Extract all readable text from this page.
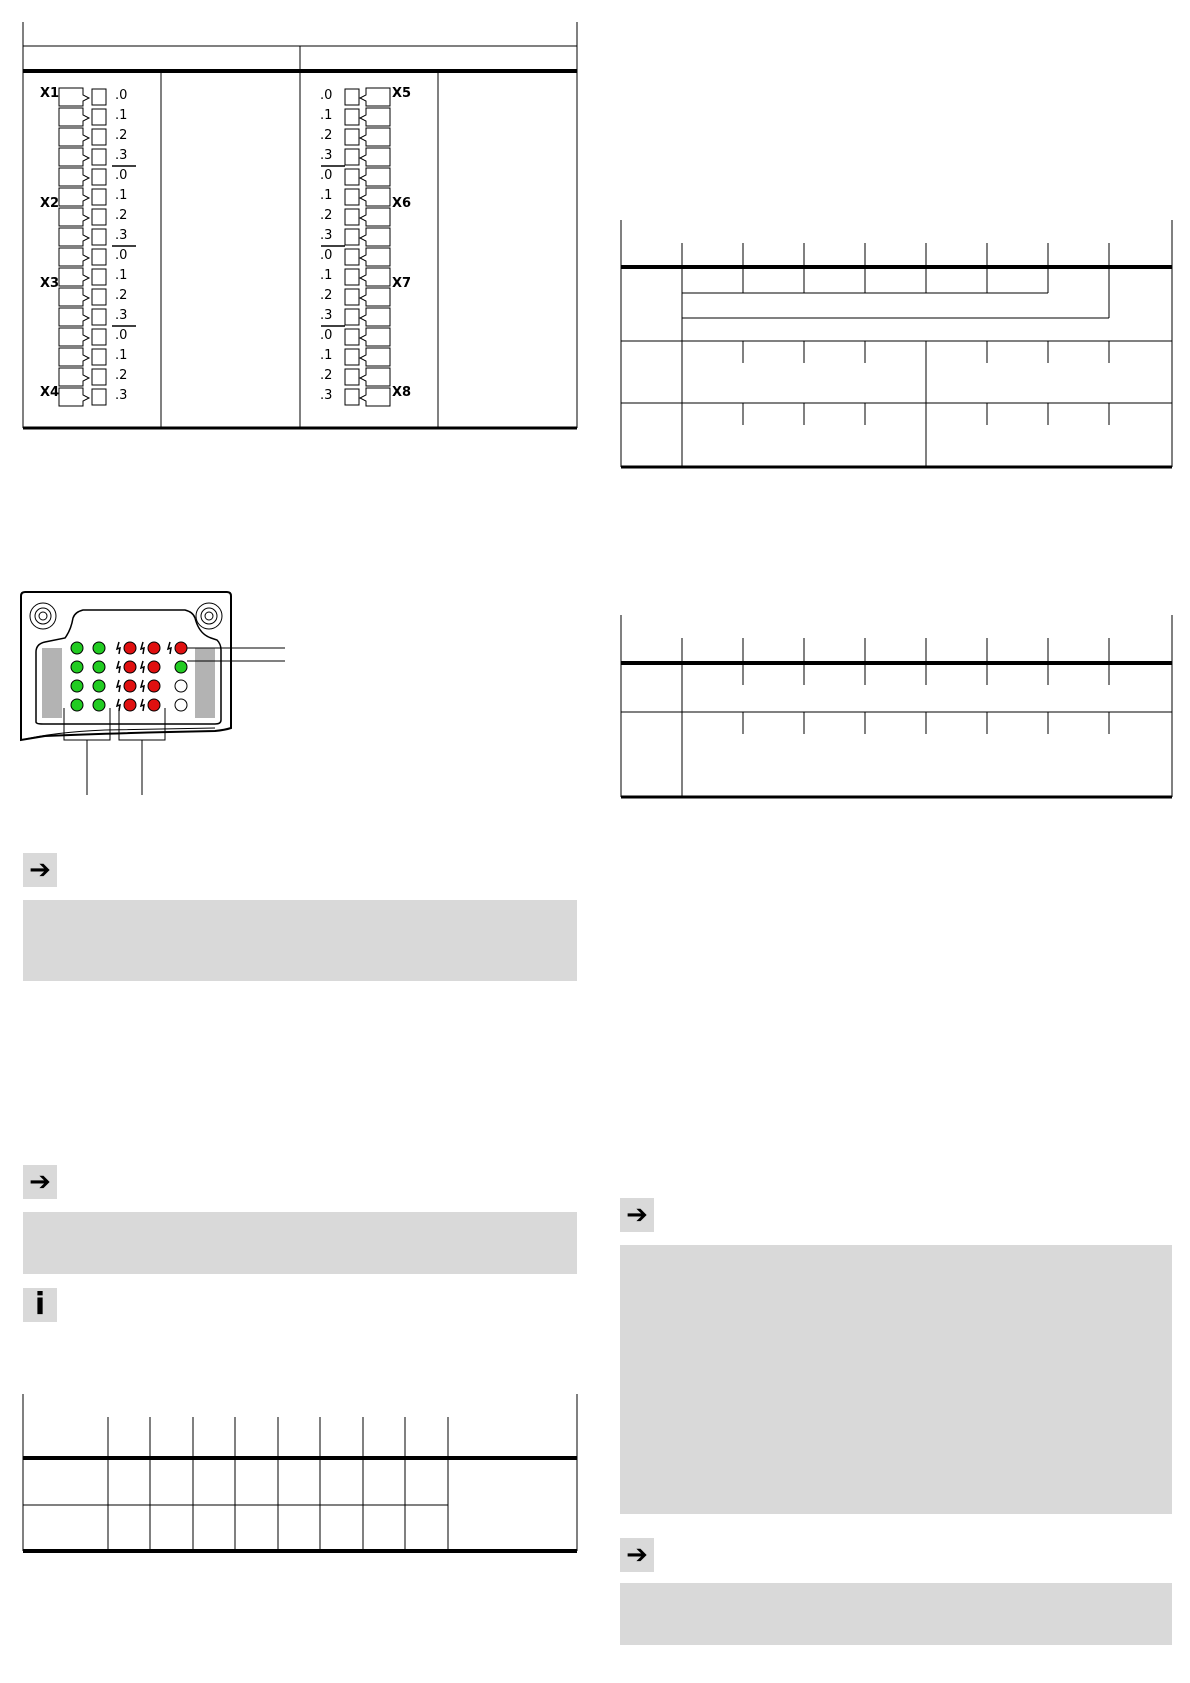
X1
X2
X3
X4
X5
X6
X7
X8
.0
.1
.2
.3
.0
.1
.2
.3
.0
.1
.2
.3
.0
.1
.2
.3
.0
.1
.2
.3
.0
.1
.2
.3
.0
.1
.2
.3
.0
.1
.2
.3
➔
➔
i
➔
➔
